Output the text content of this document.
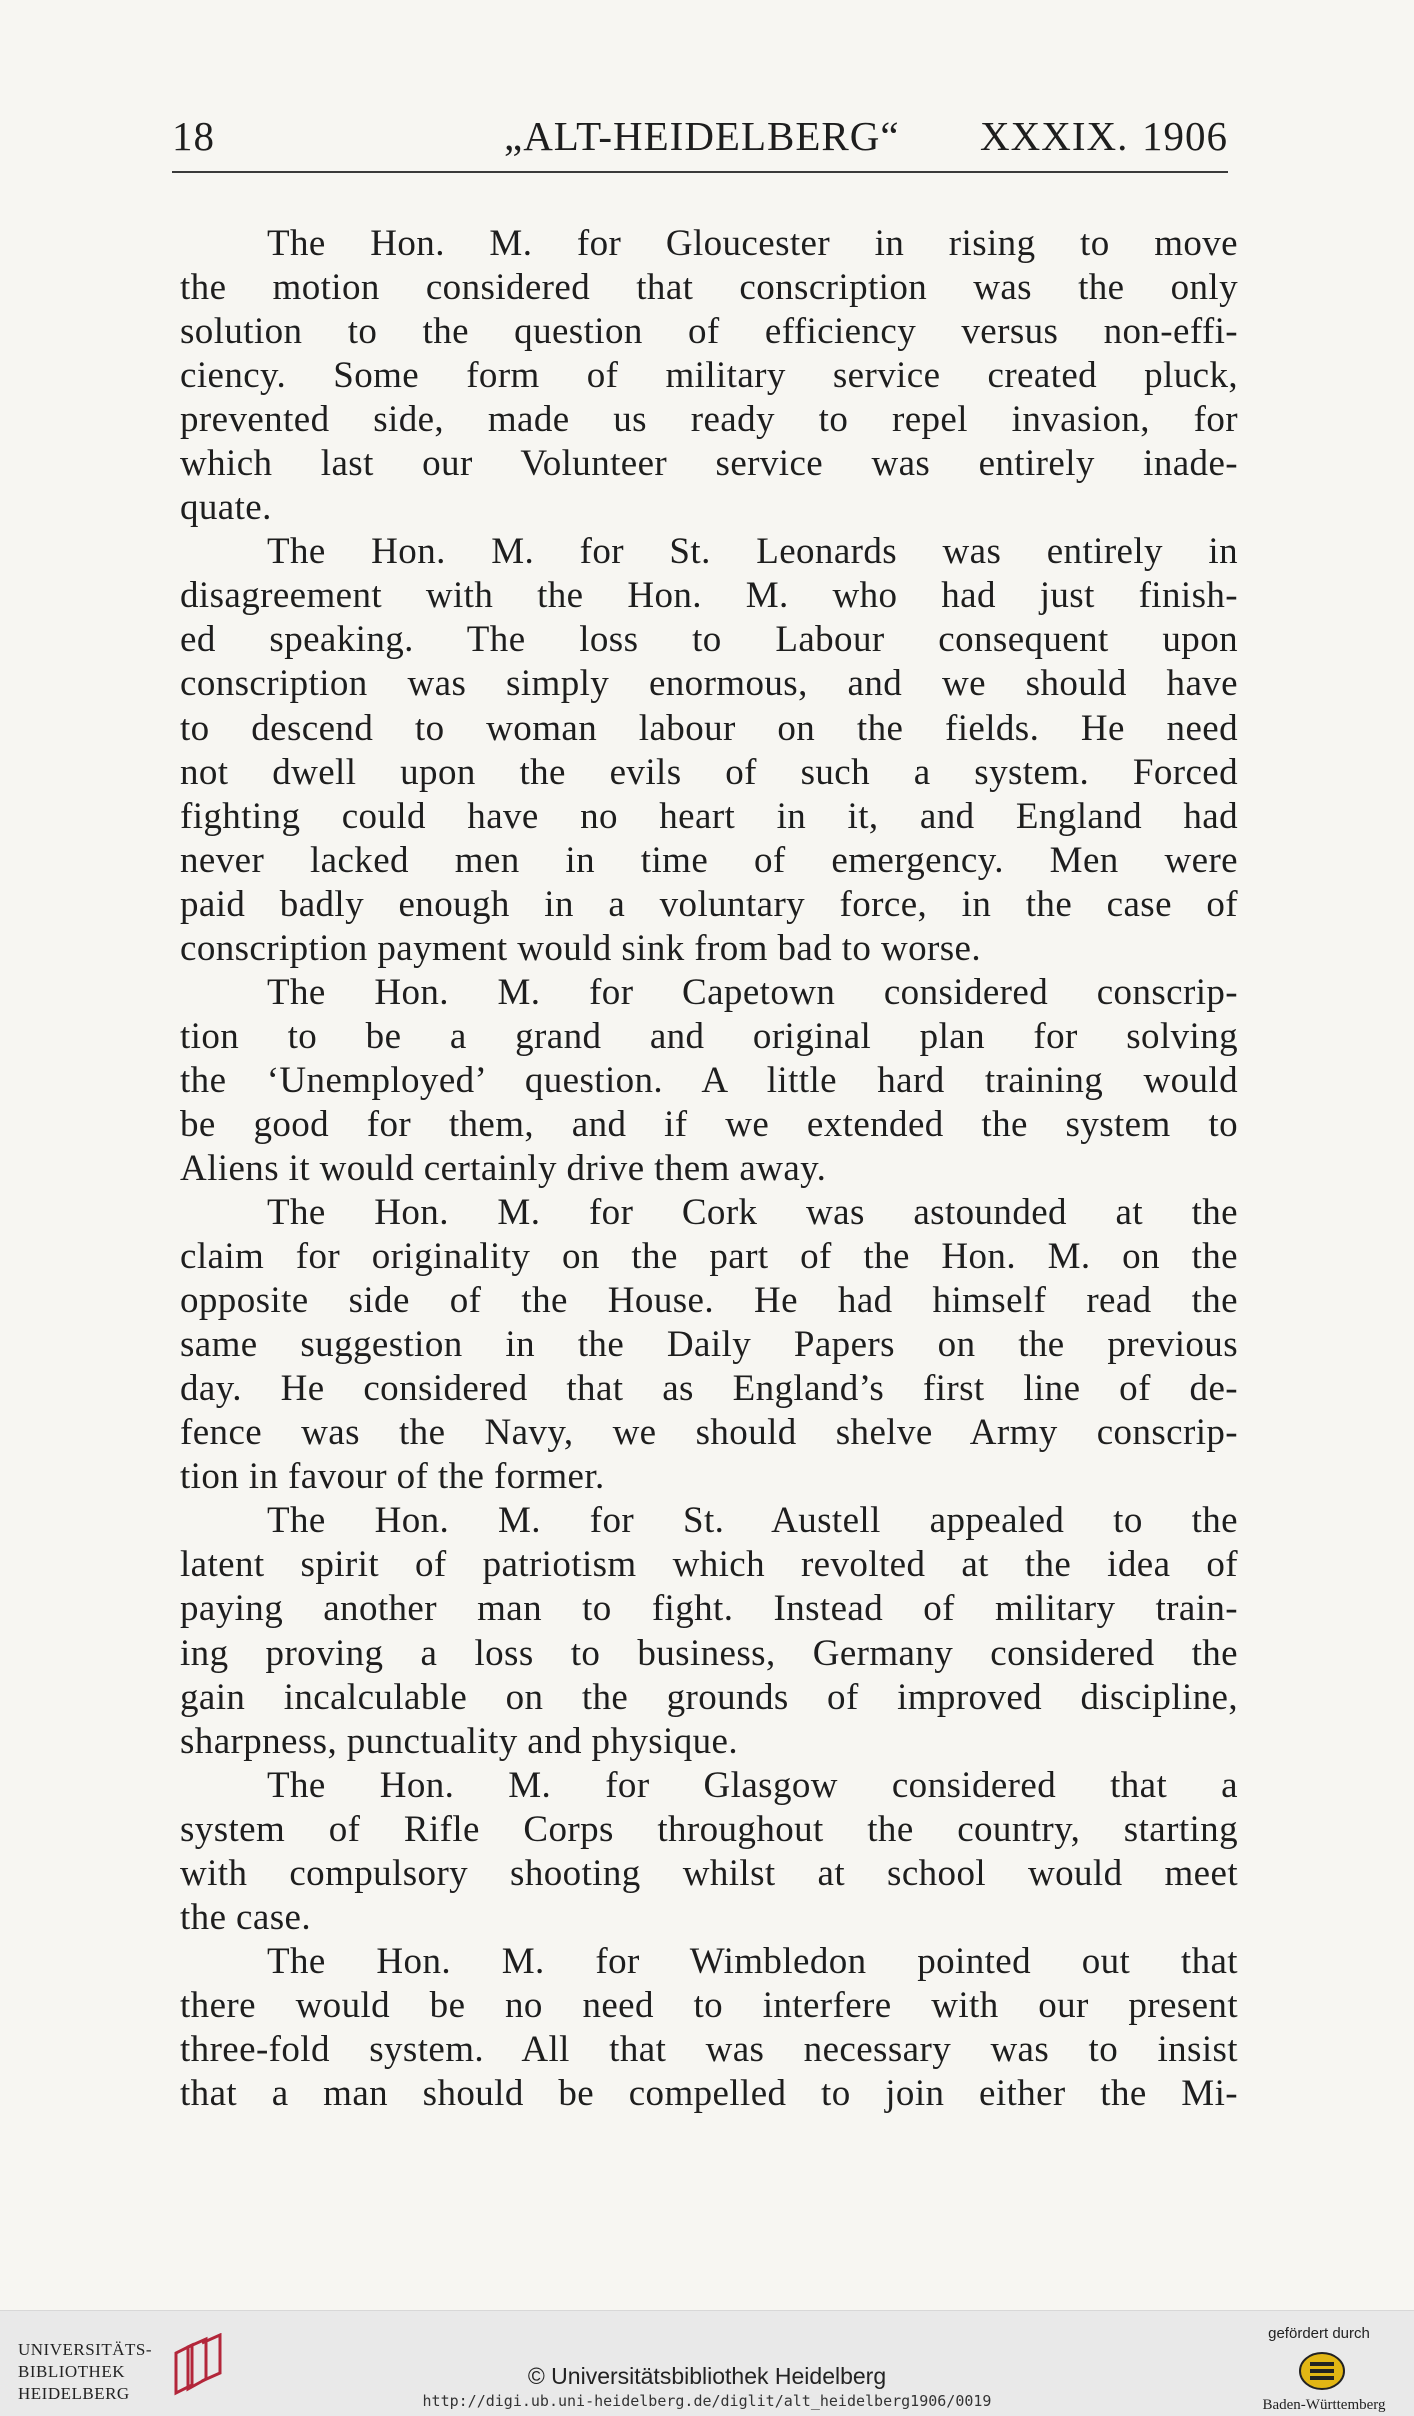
18	„ALT-HEIDELBERG“ XXXIX. 1906
The Hon. M. for Gloucester in rising to move
the motion considered that conscription was the only
solution to the question of efficiency versus non-effi-
ciency. Some form of military service created pluck,
prevented side, made us ready to repel invasion, for
which last our Volunteer service was entirely inade-
quate.
The Hon. M. for St. Leonards was entirely in
disagreement with the Hon. M. who had just finish-
ed speaking. The loss to Labour consequent upon
conscription was simply enormous, and we should have
to descend to woman labour on the fields. He need
not dwell upon the evils of such a system. Forced
fighting could have no heart in it, and England had
never lacked men in time of emergency. Men were
paid badly enough in a voluntary force, in the case of
conscription payment would sink from bad to worse.
The Hon. M. for Capetown considered conscrip-
tion to be a grand and original plan for solving
the ‘Unemployed’ question. A little hard training would
be good for them, and if we extended the system to
Aliens it would certainly drive them away.
The Hon. M. for Cork was astounded at the
claim for originality on the part of the Hon. M. on the
opposite side of the House. He had himself read the
same suggestion in the Daily Papers on the previous
day. He considered that as England’s first line of de-
fence was the Navy, we should shelve Army conscrip-
tion in favour of the former.
The Hon. M. for St. Austell appealed to the
latent spirit of patriotism which revolted at the idea of
paying another man to fight. Instead of military train-
ing proving a loss to business, Germany considered the
gain incalculable on the grounds of improved discipline,
sharpness, punctuality and physique.
The Hon. M. for Glasgow considered that a
system of Rifle Corps throughout the country, starting
with compulsory shooting whilst at school would meet
the case.
The Hon. M. for Wimbledon pointed out that
there would be no need to interfere with our present
three-fold system. All that was necessary was to insist
that a man should be compelled to join either the Mi-
UNIVERSITÄTS-
BIBLIOTHEK
HEIDELBERG
© Universitätsbibliothek Heidelberg
http://digi.ub.uni-heidelberg.de/diglit/alt_heidelberg1906/0019
gefördert durch
Baden-Württemberg
